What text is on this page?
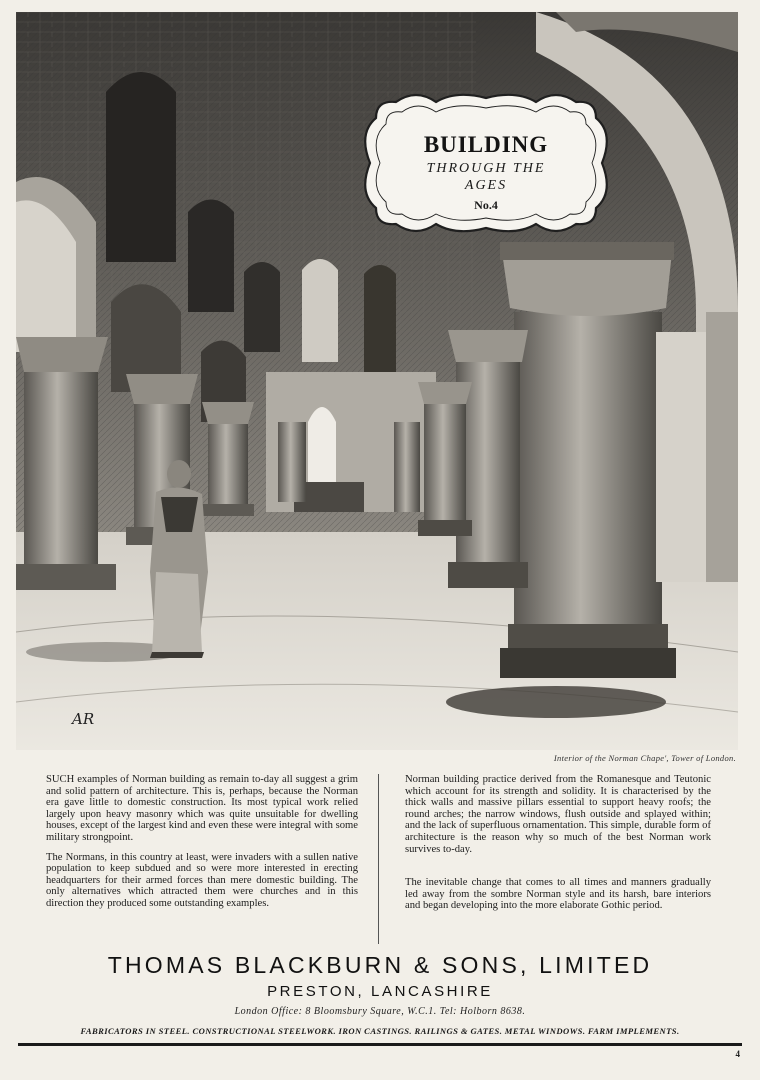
AR
BUILDING
THROUGH THE
AGES
No.4
Interior of the Norman Chape', Tower of London.

SUCH examples of Norman building as remain to-day all suggest a grim and solid pattern of architecture. This is, perhaps, because the Norman era gave little to domestic construction. Its most typical work relied largely upon heavy masonry which was quite unsuitable for dwelling houses, except of the largest kind and even these were integral with some military strongpoint.

The Normans, in this country at least, were invaders with a sullen native population to keep subdued and so were more interested in erecting headquarters for their armed forces than mere domestic building. The only alternatives which attracted them were churches and in this direction they produced some outstanding examples.

Norman building practice derived from the Romanesque and Teutonic which account for its strength and solidity. It is characterised by the thick walls and massive pillars essential to support heavy roofs; the round arches; the narrow windows, flush outside and splayed within; and the lack of superfluous ornamentation. This simple, durable form of architecture is the reason why so much of the best Norman work survives to-day.

The inevitable change that comes to all times and manners gradually led away from the sombre Norman style and its harsh, bare interiors and began developing into the more elaborate Gothic period.

THOMAS BLACKBURN & SONS, LIMITED
PRESTON, LANCASHIRE
London Office: 8 Bloomsbury Square, W.C.1. Tel: Holborn 8638.
FABRICATORS IN STEEL. CONSTRUCTIONAL STEELWORK. IRON CASTINGS. RAILINGS & GATES. METAL WINDOWS. FARM IMPLEMENTS.
4
